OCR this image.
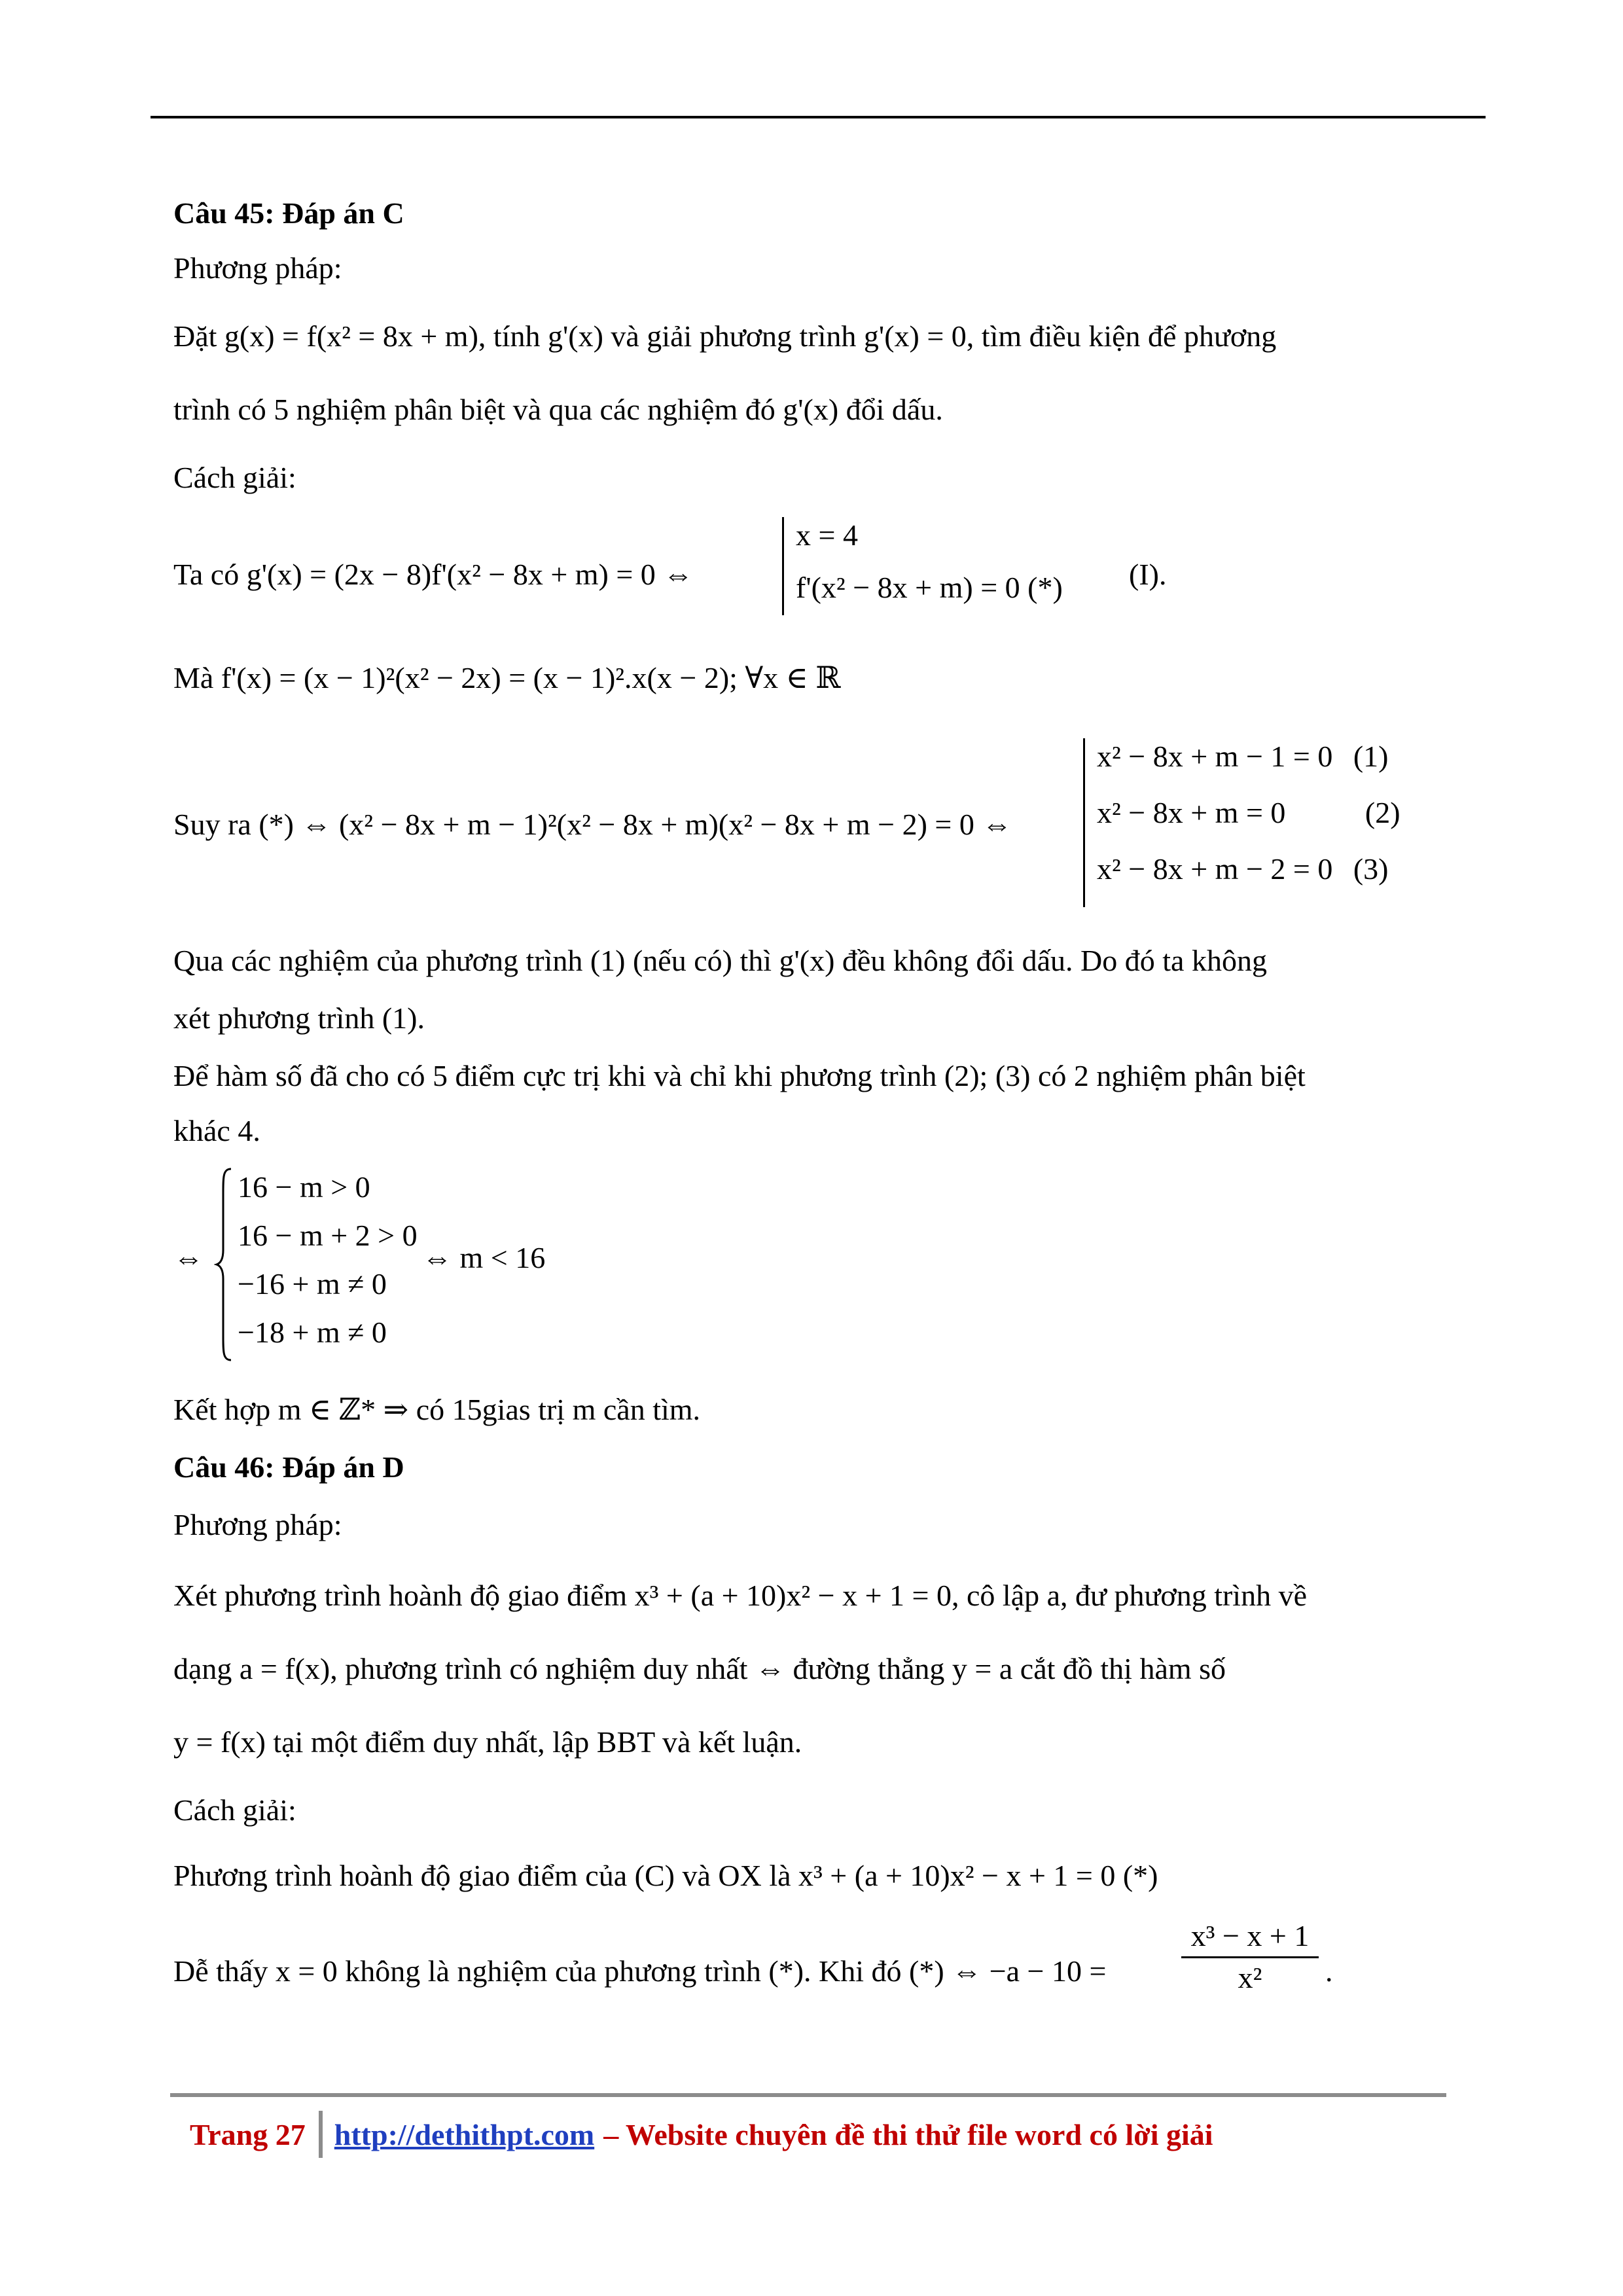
Câu 45: Đáp án C
Phương pháp:
Đặt g(x) = f(x² = 8x + m), tính g'(x) và giải phương trình g'(x) = 0, tìm điều kiện để phương
trình có 5 nghiệm phân biệt và qua các nghiệm đó g'(x) đổi dấu.
Cách giải:
Ta có g'(x) = (2x − 8)f'(x² − 8x + m) = 0 ⇔
x = 4
f'(x² − 8x + m) = 0 (*) (I).
Mà f'(x) = (x − 1)²(x² − 2x) = (x − 1)².x(x − 2); ∀x ∈ ℝ
Suy ra (*) ⇔ (x² − 8x + m − 1)²(x² − 8x + m)(x² − 8x + m − 2) = 0 ⇔
x² − 8x + m − 1 = 0 (1)
x² − 8x + m = 0	(2)
x² − 8x + m − 2 = 0 (3)
Qua các nghiệm của phương trình (1) (nếu có) thì g'(x) đều không đổi dấu. Do đó ta không
xét phương trình (1).
Để hàm số đã cho có 5 điểm cực trị khi và chỉ khi phương trình (2); (3) có 2 nghiệm phân biệt
khác 4.
⇔
16 − m > 0
16 − m + 2 > 0
−16 + m ≠ 0
−18 + m ≠ 0
⇔ m < 16
Kết hợp m ∈ ℤ* ⇒ có 15gias trị m cần tìm.
Câu 46: Đáp án D
Phương pháp:
Xét phương trình hoành độ giao điểm x³ + (a + 10)x² − x + 1 = 0, cô lập a, đư phương trình về
dạng a = f(x), phương trình có nghiệm duy nhất ⇔ đường thẳng y = a cắt đồ thị hàm số
y = f(x) tại một điểm duy nhất, lập BBT và kết luận.
Cách giải:
Phương trình hoành độ giao điểm của (C) và OX là x³ + (a + 10)x² − x + 1 = 0 (*)
Dễ thấy x = 0 không là nghiệm của phương trình (*). Khi đó (*) ⇔ $-a - 10 = \frac{\text{x³ − x + 1}}{\text{x²}}$ .
Trang 27 http://dethithpt.com – Website chuyên đề thi thử file word có lời giải
